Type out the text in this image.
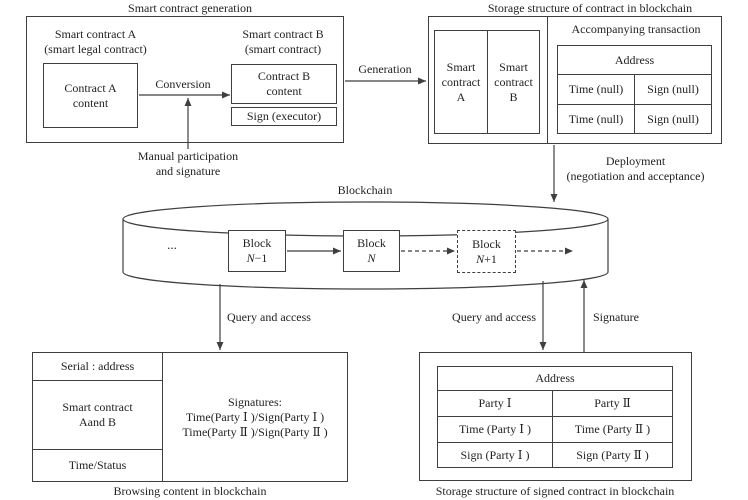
Smart contract generation	Storage structure of contract in blockchain
Smart contract A
(smart legal contract)
Contract A
content
Conversion
Smart contract B
(smart contract)
Contract B
content
Sign (executor)
Manual participation
and signature
Generation	Smart
contract
A
Smart
contract
B
Accompanying transaction
Address
Time (null) Sign (null)
Time (null) Sign (null)
Deployment
(negotiation and acceptance)
Blockchain
...	Block
N−1
Block
N
Block
N+1
Query and access	Query and access	Signature
Serial : address
Smart contract
Aand B
Time/Status
Signatures:
Time(Party Ⅰ )/Sign(Party Ⅰ )
Time(Party Ⅱ )/Sign(Party Ⅱ )
Browsing content in blockchain
Address
Party Ⅰ	Party Ⅱ
Time (Party Ⅰ )	Time (Party Ⅱ )
Sign (Party Ⅰ )	Sign (Party Ⅱ )
Storage structure of signed contract in blockchain
